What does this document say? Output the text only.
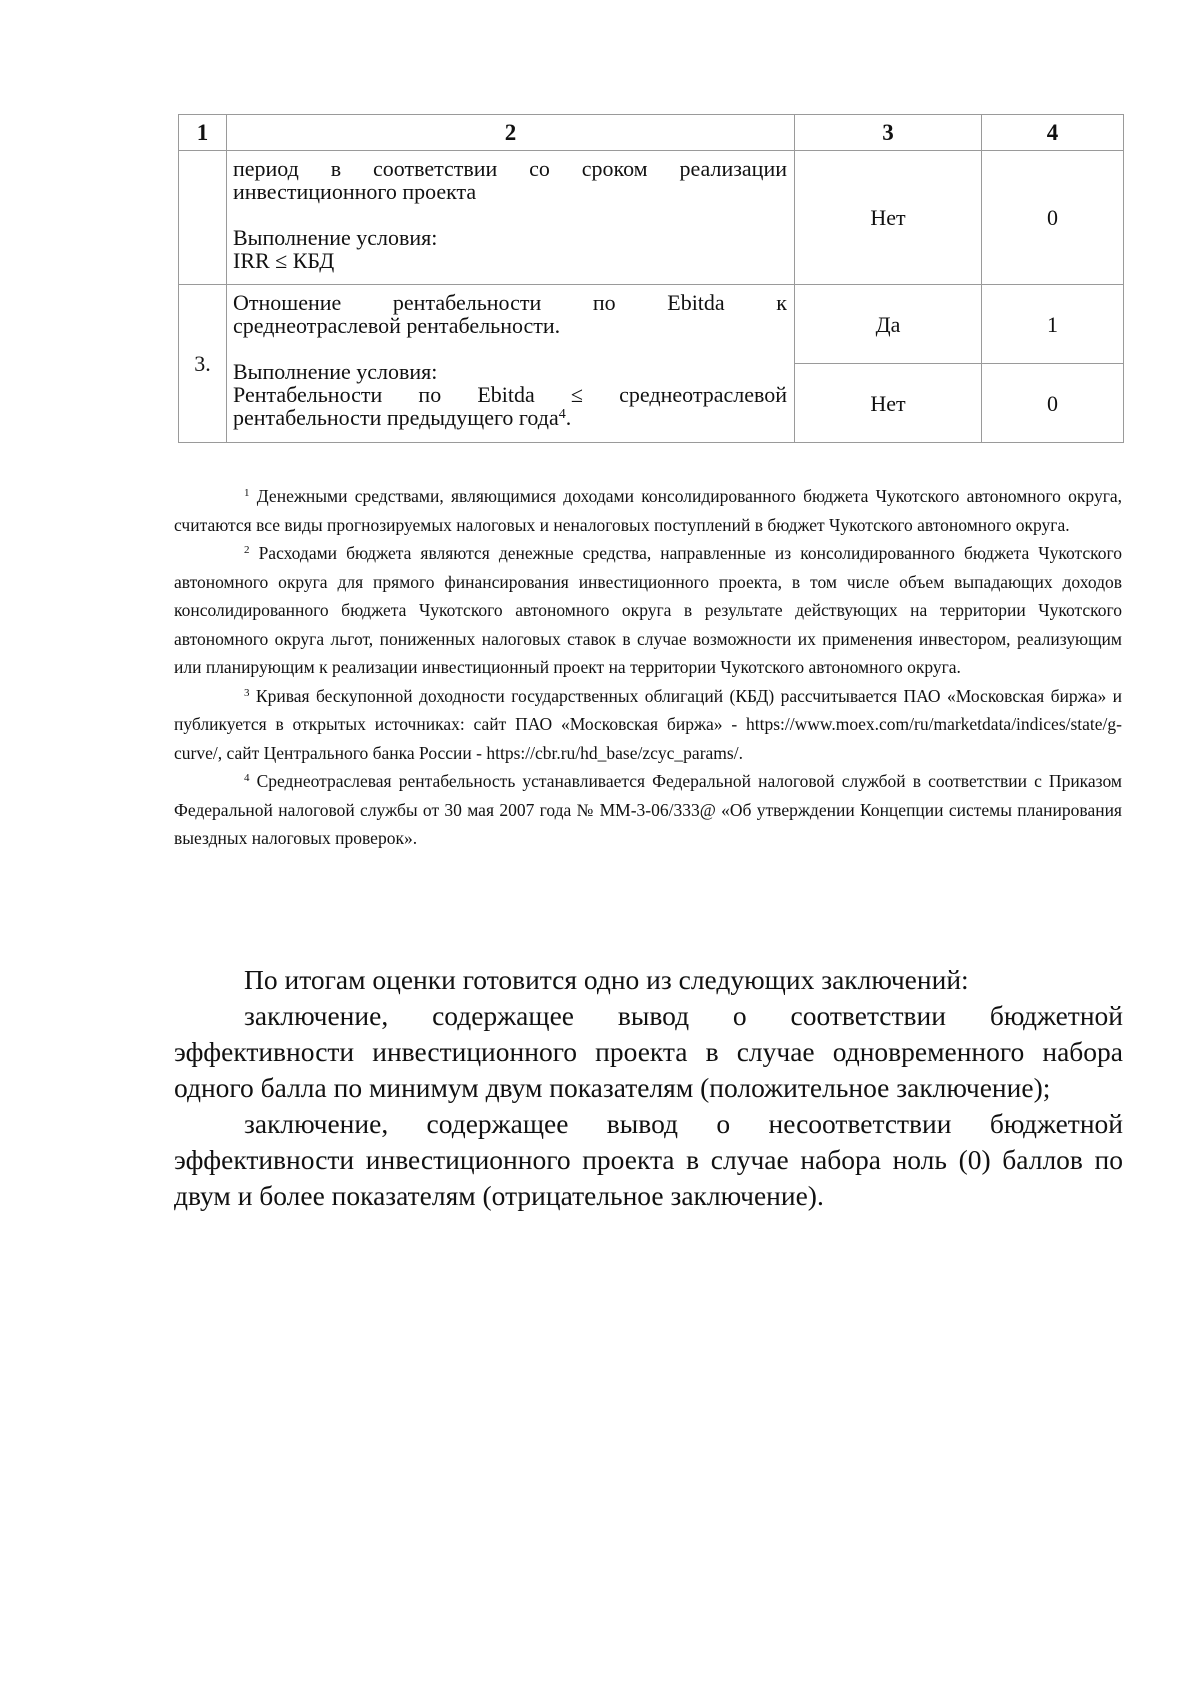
1	2	3	4

	период в соответствии со сроком реализации
инвестиционного проекта
Выполнение условия:
IRR ≤ КБД	Нет	0
3.	Отношение рентабельности по Ebitda к
среднеотраслевой рентабельности.
Выполнение условия:
Рентабельности по Ebitda ≤ среднеотраслевой
рентабельности предыдущего года$^4$.	Да	1
		Нет	0

$^1$ Денежными средствами, являющимися доходами консолидированного бюджета Чукотского автономного округа, считаются все виды прогнозируемых налоговых и неналоговых поступлений в бюджет Чукотского автономного округа.

$^2$ Расходами бюджета являются денежные средства, направленные из консолидированного бюджета Чукотского автономного округа для прямого финансирования инвестиционного проекта, в том числе объем выпадающих доходов консолидированного бюджета Чукотского автономного округа в результате действующих на территории Чукотского автономного округа льгот, пониженных налоговых ставок в случае возможности их применения инвестором, реализующим или планирующим к реализации инвестиционный проект на территории Чукотского автономного округа.

$^3$ Кривая бескупонной доходности государственных облигаций (КБД) рассчитывается ПАО «Московская биржа» и публикуется в открытых источниках: сайт ПАО «Московская биржа» - https://www.moex.com/ru/marketdata/indices/state/g-curve/, сайт Центрального банка России - https://cbr.ru/hd_base/zcyc_params/.

$^4$ Среднеотраслевая рентабельность устанавливается Федеральной налоговой службой в соответствии с Приказом Федеральной налоговой службы от 30 мая 2007 года № ММ-3-06/333@ «Об утверждении Концепции системы планирования выездных налоговых проверок».

По итогам оценки готовится одно из следующих заключений:

заключение, содержащее вывод о соответствии бюджетной эффективности инвестиционного проекта в случае одновременного набора одного балла по минимум двум показателям (положительное заключение);

заключение, содержащее вывод о несоответствии бюджетной эффективности инвестиционного проекта в случае набора ноль (0) баллов по двум и более показателям (отрицательное заключение).
